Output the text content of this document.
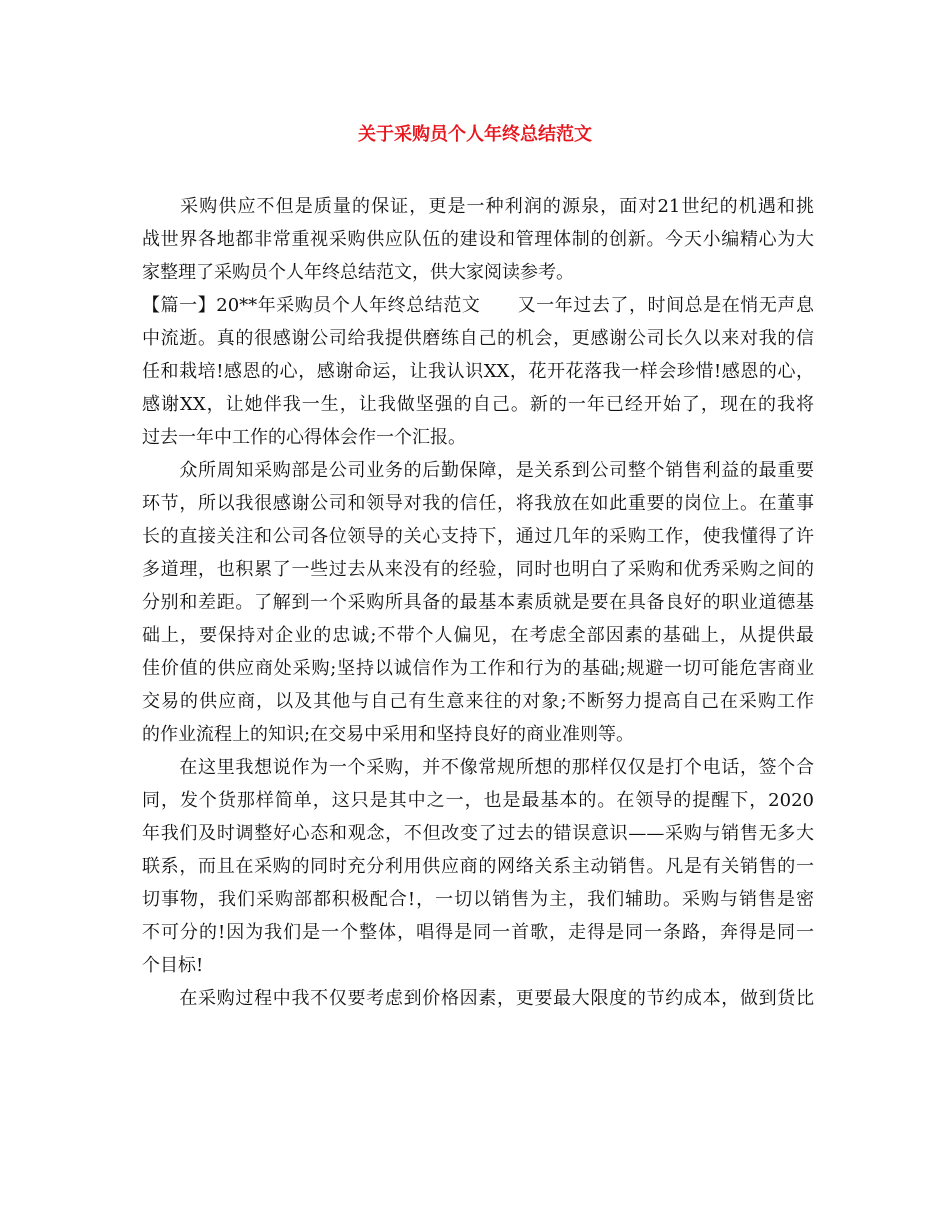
关于采购员个人年终总结范文
　　采购供应不但是质量的保证，更是一种利润的源泉，面对21世纪的机遇和挑
战世界各地都非常重视采购供应队伍的建设和管理体制的创新。今天小编精心为大
家整理了采购员个人年终总结范文，供大家阅读参考。
【篇一】20**年采购员个人年终总结范文　　又一年过去了，时间总是在悄无声息
中流逝。真的很感谢公司给我提供磨练自己的机会，更感谢公司长久以来对我的信
任和栽培!感恩的心，感谢命运，让我认识XX，花开花落我一样会珍惜!感恩的心，
感谢XX，让她伴我一生，让我做坚强的自己。新的一年已经开始了，现在的我将
过去一年中工作的心得体会作一个汇报。
　　众所周知采购部是公司业务的后勤保障，是关系到公司整个销售利益的最重要
环节，所以我很感谢公司和领导对我的信任，将我放在如此重要的岗位上。在董事
长的直接关注和公司各位领导的关心支持下，通过几年的采购工作，使我懂得了许
多道理，也积累了一些过去从来没有的经验，同时也明白了采购和优秀采购之间的
分别和差距。了解到一个采购所具备的最基本素质就是要在具备良好的职业道德基
础上，要保持对企业的忠诚;不带个人偏见，在考虑全部因素的基础上，从提供最
佳价值的供应商处采购;坚持以诚信作为工作和行为的基础;规避一切可能危害商业
交易的供应商，以及其他与自己有生意来往的对象;不断努力提高自己在采购工作
的作业流程上的知识;在交易中采用和坚持良好的商业准则等。
　　在这里我想说作为一个采购，并不像常规所想的那样仅仅是打个电话，签个合
同，发个货那样简单，这只是其中之一，也是最基本的。在领导的提醒下，2020
年我们及时调整好心态和观念，不但改变了过去的错误意识——采购与销售无多大
联系，而且在采购的同时充分利用供应商的网络关系主动销售。凡是有关销售的一
切事物，我们采购部都积极配合!，一切以销售为主，我们辅助。采购与销售是密
不可分的!因为我们是一个整体，唱得是同一首歌，走得是同一条路，奔得是同一
个目标!
　　在采购过程中我不仅要考虑到价格因素，更要最大限度的节约成本，做到货比
